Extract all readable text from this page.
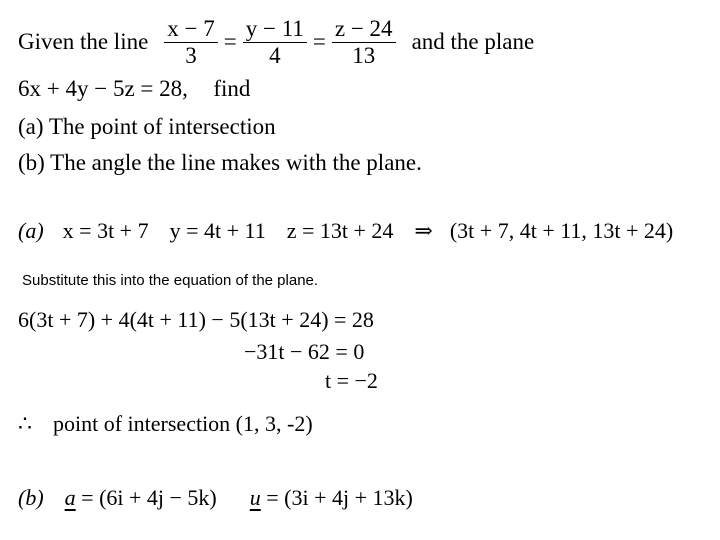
Given the line $\frac{x - 7}{3} = \frac{y - 11}{4} = \frac{z - 24}{13}$ and the plane
6x + 4y − 5z = 28, find
(a) The point of intersection
(b) The angle the line makes with the plane.
(a) x = 3t + 7 y = 4t + 11 z = 13t + 24 ⇒ (3t + 7, 4t + 11, 13t + 24)
Substitute this into the equation of the plane.
6(3t + 7) + 4(4t + 11) − 5(13t + 24) = 28
−31t − 62 = 0
t = −2
∴ point of intersection (1, 3, -2)
(b) a = (6i + 4j − 5k) u = (3i + 4j + 13k)
